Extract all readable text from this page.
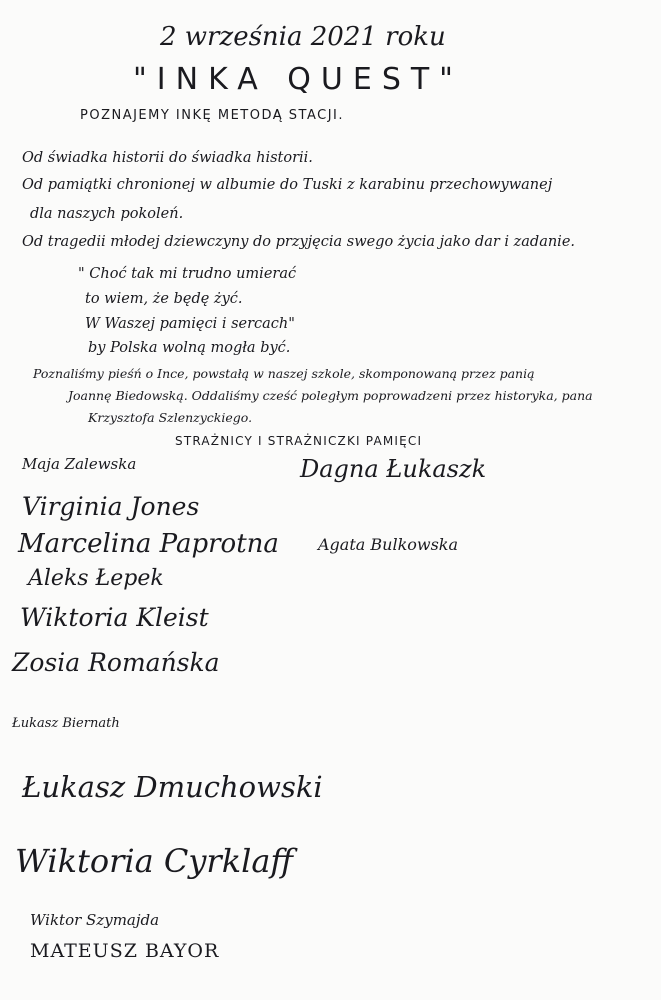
2 września 2021 roku
"INKA QUEST"
POZNAJEMY INKĘ METODĄ STACJI.
Od świadka historii do świadka historii.
Od pamiątki chronionej w albumie do Tuski z karabinu przechowywanej
dla naszych pokoleń.
Od tragedii młodej dziewczyny do przyjęcia swego życia jako dar i zadanie.
" Choć tak mi trudno umierać
to wiem, że będę żyć.
W Waszej pamięci i sercach"
by Polska wolną mogła być.
Poznaliśmy pieśń o Ince, powstałą w naszej szkole, skomponowaną przez panią
Joannę Biedowską. Oddaliśmy cześć poległym poprowadzeni przez historyka, pana
Krzysztofa Szlenzyckiego.
STRAŻNICY I STRAŻNICZKI PAMIĘCI
Maja Zalewska	Dagna Łukaszk
Virginia Jones
Marcelina Paprotna Agata Bulkowska
Aleks Łepek
Wiktoria Kleist
Zosia Romańska
Łukasz Biernath
Łukasz Dmuchowski
Wiktoria Cyrklaff
Wiktor Szymajda
MATEUSZ BAYOR
